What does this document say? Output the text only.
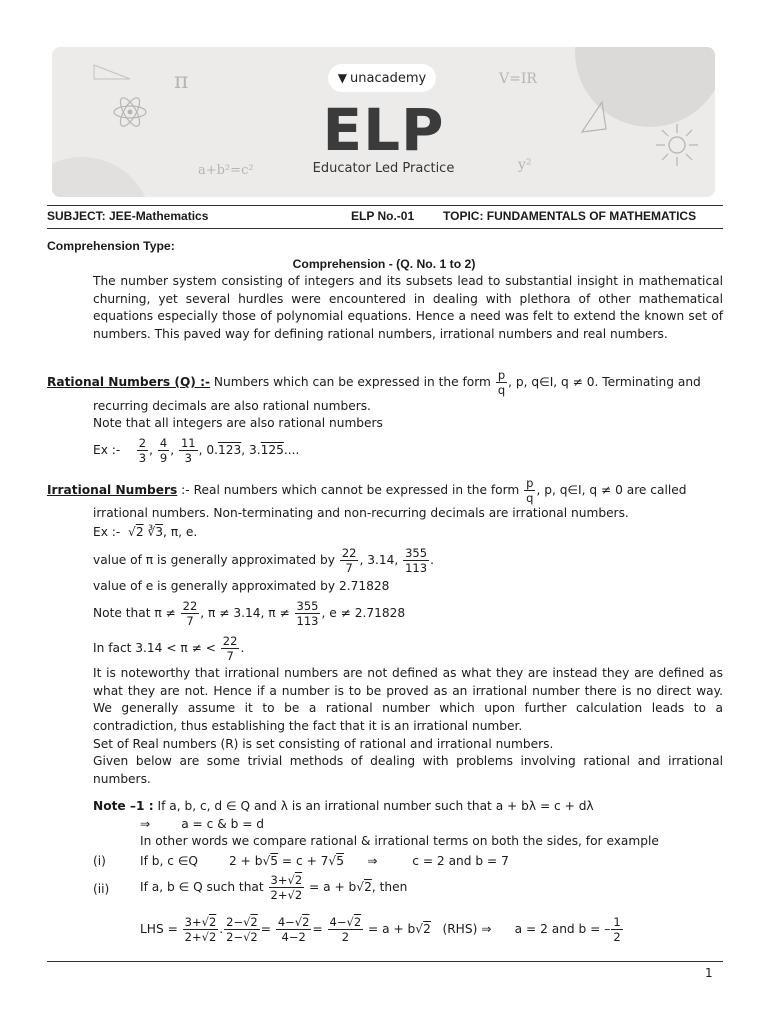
π	V=IR
a+b²=c²	y²
▼ unacademy
ELP
Educator Led Practice
SUBJECT: JEE-Mathematics	ELP No.-01 TOPIC: FUNDAMENTALS OF MATHEMATICS
Comprehension Type:
Comprehension - (Q. No. 1 to 2)
The number system consisting of integers and its subsets lead to substantial insight in mathematical churning, yet several hurdles were encountered in dealing with plethora of other mathematical equations especially those of polynomial equations. Hence a need was felt to extend the known set of numbers. This paved way for defining rational numbers, irrational numbers and real numbers.
Rational Numbers (Q) :- Numbers which can be expressed in the form $\frac{p}{q}$ , p, q∈I, q ≠ 0. Terminating and
recurring decimals are also rational numbers.
Note that all integers are also rational numbers
Ex :- $\frac{2}{3}$ , $\frac{4}{9}$ , $\frac{11}{3}$ , 0.123, 3.125....
Irrational Numbers :- Real numbers which cannot be expressed in the form $\frac{p}{q}$ , p, q∈I, q ≠ 0 are called
irrational numbers. Non-terminating and non-recurring decimals are irrational numbers.
Ex :-  √2 ∛3, π, e.
value of π is generally approximated by $\frac{22}{7}$ , 3.14, $\frac{355}{113}$ .
value of e is generally approximated by 2.71828
Note that $\pi \ne \frac{22}{7}$ , π ≠ 3.14, $\pi \ne \frac{355}{113}$ , e ≠ 2.71828
In fact 3.14 < π ≠ < $\frac{22}{7}$ .
It is noteworthy that irrational numbers are not defined as what they are instead they are defined as what they are not. Hence if a number is to be proved as an irrational number there is no direct way. We generally assume it to be a rational number which upon further calculation leads to a contradiction, thus establishing the fact that it is an irrational number.
Set of Real numbers (R) is set consisting of rational and irrational numbers.
Given below are some trivial methods of dealing with problems involving rational and irrational numbers.
Note –1 : If a, b, c, d ∈ Q and λ is an irrational number such that a + bλ = c + dλ
⇒        a = c & b = d
In other words we compare rational & irrational terms on both the sides, for example
(i)	If b, c ∈Q        2 + b√5 = c + 7√5      ⇒         c = 2 and b = 7
(ii)	If a, b ∈ Q such that $\frac{3+√2}{2+√2} = a + b√2$, then
LHS = $\frac{3+√2}{2+√2}$ . $\frac{2-√2}{2-√2} = \frac{4-√2}{4-2} = \frac{4-√2}{2} = a + b√2$ (RHS) ⇒ a = 2 and b = – $\frac{1}{2}$
1
